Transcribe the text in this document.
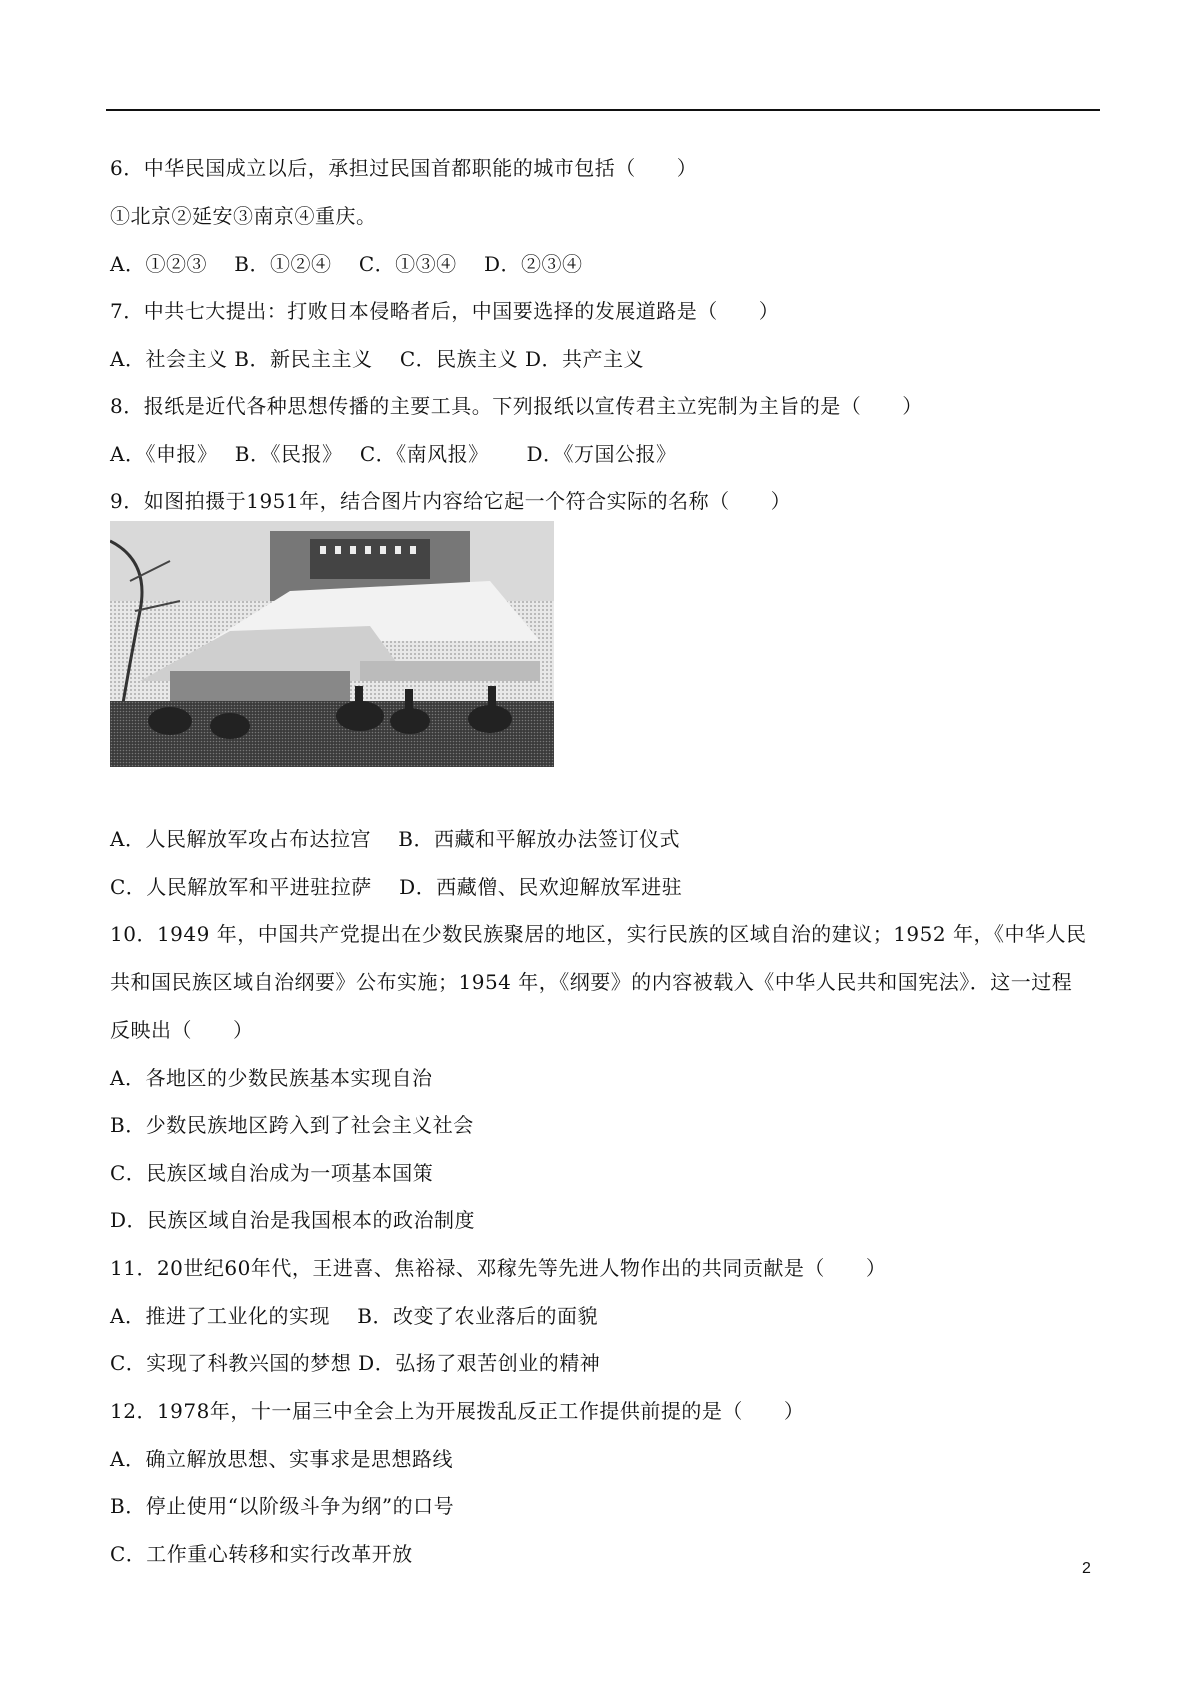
6．中华民国成立以后，承担过民国首都职能的城市包括（　　）
①北京②延安③南京④重庆。
A．①②③　 B．①②④　 C．①③④　 D．②③④
7．中共七大提出：打败日本侵略者后，中国要选择的发展道路是（　　）
A．社会主义 B．新民主主义　 C．民族主义 D．共产主义
8．报纸是近代各种思想传播的主要工具。下列报纸以宣传君主立宪制为主旨的是（　　）
A．《申报》　 B．《民报》　 C．《南风报》　　 D．《万国公报》
9．如图拍摄于1951年，结合图片内容给它起一个符合实际的名称（　　）
A．人民解放军攻占布达拉宫　 B．西藏和平解放办法签订仪式
C．人民解放军和平进驻拉萨　 D．西藏僧、民欢迎解放军进驻
10．1949 年，中国共产党提出在少数民族聚居的地区，实行民族的区域自治的建议；1952 年，《中华人民
共和国民族区域自治纲要》公布实施；1954 年，《纲要》的内容被载入《中华人民共和国宪法》．这一过程
反映出（　　）
A．各地区的少数民族基本实现自治
B．少数民族地区跨入到了社会主义社会
C．民族区域自治成为一项基本国策
D．民族区域自治是我国根本的政治制度
11．20世纪60年代，王进喜、焦裕禄、邓稼先等先进人物作出的共同贡献是（　　）
A．推进了工业化的实现　 B．改变了农业落后的面貌
C．实现了科教兴国的梦想 D．弘扬了艰苦创业的精神
12．1978年，十一届三中全会上为开展拨乱反正工作提供前提的是（　　）
A．确立解放思想、实事求是思想路线
B．停止使用“以阶级斗争为纲”的口号
C．工作重心转移和实行改革开放
2
